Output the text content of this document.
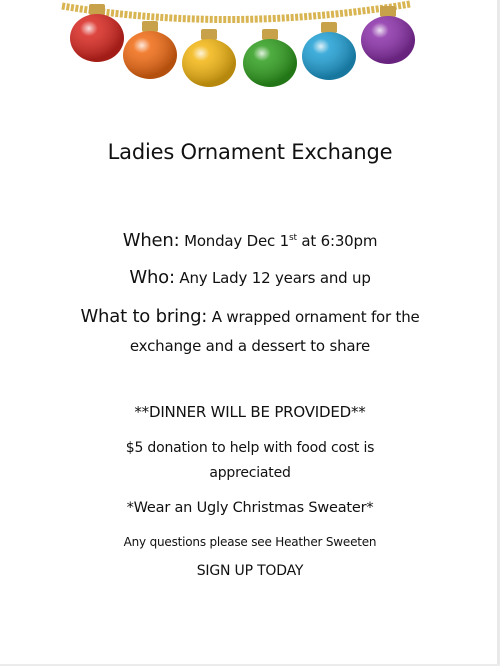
Ladies Ornament Exchange
When: Monday Dec 1st at 6:30pm
Who: Any Lady 12 years and up
What to bring: A wrapped ornament for the
exchange and a dessert to share
**DINNER WILL BE PROVIDED**
$5 donation to help with food cost is
appreciated
*Wear an Ugly Christmas Sweater*
Any questions please see Heather Sweeten
SIGN UP TODAY
